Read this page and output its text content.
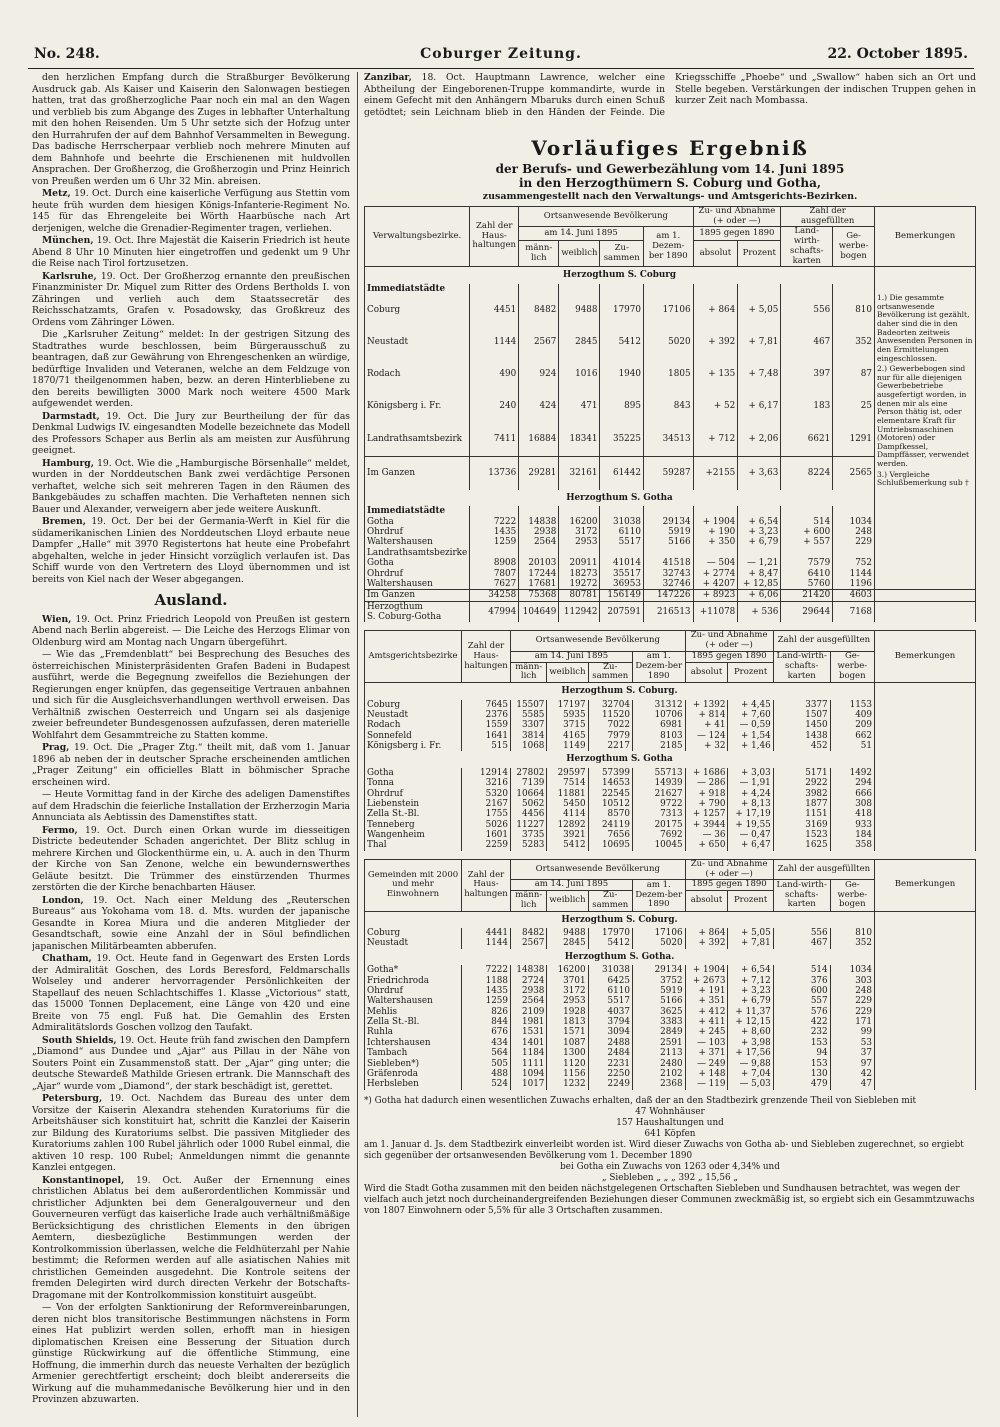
No. 248.	Coburger Zeitung.	22. October 1895.

den herzlichen Empfang durch die Straßburger Bevölkerung Ausdruck gab. Als Kaiser und Kaiserin den Salonwagen bestiegen hatten, trat das großherzogliche Paar noch ein mal an den Wagen und verblieb bis zum Abgange des Zuges in lebhafter Unterhaltung mit den hohen Reisenden. Um 5 Uhr setzte sich der Hofzug unter den Hurrahrufen der auf dem Bahnhof Versammelten in Bewegung. Das badische Herrscherpaar verblieb noch mehrere Minuten auf dem Bahnhofe und beehrte die Erschienenen mit huldvollen Ansprachen. Der Großherzog, die Großherzogin und Prinz Heinrich von Preußen werden um 6 Uhr 32 Min. abreisen.

Metz, 19. Oct. Durch eine kaiserliche Verfügung aus Stettin vom heute früh wurden dem hiesigen Königs-Infanterie-Regiment No. 145 für das Ehrengeleite bei Wörth Haarbüsche nach Art derjenigen, welche die Grenadier-Regimenter tragen, verliehen.

München, 19. Oct. Ihre Majestät die Kaiserin Friedrich ist heute Abend 8 Uhr 10 Minuten hier eingetroffen und gedenkt um 9 Uhr die Reise nach Tirol fortzusetzen.

Karlsruhe, 19. Oct. Der Großherzog ernannte den preußischen Finanzminister Dr. Miquel zum Ritter des Ordens Bertholds I. von Zähringen und verlieh auch dem Staatssecretär des Reichsschatzamts, Grafen v. Posadowsky, das Großkreuz des Ordens vom Zähringer Löwen.

Die „Karlsruher Zeitung“ meldet: In der gestrigen Sitzung des Stadtrathes wurde beschlossen, beim Bürgerausschuß zu beantragen, daß zur Gewährung von Ehrengeschenken an würdige, bedürftige Invaliden und Veteranen, welche an dem Feldzuge von 1870/71 theilgenommen haben, bezw. an deren Hinterbliebene zu den bereits bewilligten 3000 Mark noch weitere 4500 Mark aufgewendet werden.

Darmstadt, 19. Oct. Die Jury zur Beurtheilung der für das Denkmal Ludwigs IV. eingesandten Modelle bezeichnete das Modell des Professors Schaper aus Berlin als am meisten zur Ausführung geeignet.

Hamburg, 19. Oct. Wie die „Hamburgische Börsenhalle“ meldet, wurden in der Norddeutschen Bank zwei verdächtige Personen verhaftet, welche sich seit mehreren Tagen in den Räumen des Bankgebäudes zu schaffen machten. Die Verhafteten nennen sich Bauer und Alexander, verweigern aber jede weitere Auskunft.

Bremen, 19. Oct. Der bei der Germania-Werft in Kiel für die südamerikanischen Linien des Norddeutschen Lloyd erbaute neue Dampfer „Halle“ mit 3970 Registertons hat heute eine Probefahrt abgehalten, welche in jeder Hinsicht vorzüglich verlaufen ist. Das Schiff wurde von den Vertretern des Lloyd übernommen und ist bereits von Kiel nach der Weser abgegangen.

Ausland.

Wien, 19. Oct. Prinz Friedrich Leopold von Preußen ist gestern Abend nach Berlin abgereist. — Die Leiche des Herzogs Elimar von Oldenburg wird am Montag nach Ungarn übergeführt.

— Wie das „Fremdenblatt“ bei Besprechung des Besuches des österreichischen Ministerpräsidenten Grafen Badeni in Budapest ausführt, werde die Begegnung zweifellos die Beziehungen der Regierungen enger knüpfen, das gegenseitige Vertrauen anbahnen und sich für die Ausgleichsverhandlungen werthvoll erweisen. Das Verhältniß zwischen Oesterreich und Ungarn sei als dasjenige zweier befreundeter Bundesgenossen aufzufassen, deren materielle Wohlfahrt dem Gesammtreiche zu Statten komme.

Prag, 19. Oct. Die „Prager Ztg.“ theilt mit, daß vom 1. Januar 1896 ab neben der in deutscher Sprache erscheinenden amtlichen „Prager Zeitung“ ein officielles Blatt in böhmischer Sprache erscheinen wird.

— Heute Vormittag fand in der Kirche des adeligen Damenstiftes auf dem Hradschin die feierliche Installation der Erzherzogin Maria Annunciata als Aebtissin des Damenstiftes statt.

Fermo, 19. Oct. Durch einen Orkan wurde im diesseitigen Districte bedeutender Schaden angerichtet. Der Blitz schlug in mehrere Kirchen und Glockenthürme ein, u. A. auch in den Thurm der Kirche von San Zenone, welche ein bewundernswerthes Geläute besitzt. Die Trümmer des einstürzenden Thurmes zerstörten die der Kirche benachbarten Häuser.

London, 19. Oct. Nach einer Meldung des „Reuterschen Bureaus“ aus Yokohama vom 18. d. Mts. wurden der japanische Gesandte in Korea Miura und die anderen Mitglieder der Gesandtschaft, sowie eine Anzahl der in Söul befindlichen japanischen Militärbeamten abberufen.

Chatham, 19. Oct. Heute fand in Gegenwart des Ersten Lords der Admiralität Goschen, des Lords Beresford, Feldmarschalls Wolseley und anderer hervorragender Persönlichkeiten der Stapellauf des neuen Schlachtschiffes 1. Klasse „Victorious“ statt, das 15000 Tonnen Deplacement, eine Länge von 420 und eine Breite von 75 engl. Fuß hat. Die Gemahlin des Ersten Admiralitätslords Goschen vollzog den Taufakt.

South Shields, 19. Oct. Heute früh fand zwischen den Dampfern „Diamond“ aus Dundee und „Ajar“ aus Pillau in der Nähe von Souters Point ein Zusammenstoß statt. Der „Ajar“ ging unter; die deutsche Stewardeß Mathilde Griesen ertrank. Die Mannschaft des „Ajar“ wurde vom „Diamond“, der stark beschädigt ist, gerettet.

Petersburg, 19. Oct. Nachdem das Bureau des unter dem Vorsitze der Kaiserin Alexandra stehenden Kuratoriums für die Arbeitshäuser sich konstituirt hat, schritt die Kanzlei der Kaiserin zur Bildung des Kuratoriums selbst. Die passiven Mitglieder des Kuratoriums zahlen 100 Rubel jährlich oder 1000 Rubel einmal, die aktiven 10 resp. 100 Rubel; Anmeldungen nimmt die genannte Kanzlei entgegen.

Konstantinopel, 19. Oct. Außer der Ernennung eines christlichen Ablatus bei dem außerordentlichen Kommissär und christlicher Adjunkten bei dem Generalgouverneur und den Gouverneuren verfügt das kaiserliche Irade auch verhältnißmäßige Berücksichtigung des christlichen Elements in den übrigen Aemtern, diesbezügliche Bestimmungen werden der Kontrolkommission überlassen, welche die Feldhüterzahl per Nahie bestimmt; die Reformen werden auf alle asiatischen Nahies mit christlichen Gemeinden ausgedehnt. Die Kontrole seitens der fremden Delegirten wird durch directen Verkehr der Botschafts-Dragomane mit der Kontrolkommission konstituirt ausgeübt.

— Von der erfolgten Sanktionirung der Reformvereinbarungen, deren nicht blos transitorische Bestimmungen nächstens in Form eines Hat publizirt werden sollen, erhofft man in hiesigen diplomatischen Kreisen eine Besserung der Situation durch günstige Rückwirkung auf die öffentliche Stimmung, eine Hoffnung, die immerhin durch das neueste Verhalten der bezüglich Armenier gerechtfertigt erscheint; doch bleibt andererseits die Wirkung auf die muhammedanische Bevölkerung hier und in den Provinzen abzuwarten.

Zanzibar, 18. Oct. Hauptmann Lawrence, welcher eine Abtheilung der Eingeborenen-Truppe kommandirte, wurde in einem Gefecht mit den Anhängern Mbaruks durch einen Schuß getödtet; sein Leichnam blieb in den Händen der Feinde. Die Kriegsschiffe „Phoebe“ und „Swallow“ haben sich an Ort und Stelle begeben. Verstärkungen der indischen Truppen gehen in kurzer Zeit nach Mombassa.
Vorläufiges Ergebniß
der Berufs- und Gewerbezählung vom 14. Juni 1895
in den Herzogthümern S. Coburg und Gotha,
zusammengestellt nach den Verwaltungs- und Amtsgerichts-Bezirken.
Verwaltungsbezirke.	Zahl der Haus-haltungen	Ortsanwesende Bevölkerung				Zu- und Abnahme (+ oder —)		Zahl der ausgefüllten		Bemerkungen
		am 14. Juni 1895			am 1. Dezem-ber 1890	1895 gegen 1890		Land-wirth-schafts-karten	Ge-werbe-bogen	
		männ-lich	weiblich	Zu-sammen		absolut	Prozent			
Herzogthum S. Coburg										
Immediatstädte										
Coburg	4451	8482	9488	17970	17106	+ 864	+ 5,05	556	810	1.) Die gesammte ortsanwesende Bevölkerung ist gezählt, daher sind die in den Badeorten zeitweis Anwesenden Personen in den Ermittelungen eingeschlossen.
2.) Gewerbebogen sind nur für alle diejenigen Gewerbebetriebe ausgefertigt worden, in denen mir als eine Person thätig ist, oder elementare Kraft für Umtriebsmaschinen (Motoren) oder Dampfkessel, Dampffässer, verwendet werden.
3.) Vergleiche Schlußbemerkung sub †

Neustadt	1144	2567	2845	5412	5020	+ 392	+ 7,81	467	352	
Rodach	490	924	1016	1940	1805	+ 135	+ 7,48	397	87	
Königsberg i. Fr.	240	424	471	895	843	+ 52	+ 6,17	183	25	
Landrathsamtsbezirk	7411	16884	18341	35225	34513	+ 712	+ 2,06	6621	1291	
Im Ganzen	13736	29281	32161	61442	59287	+2155	+ 3,63	8224	2565	
Herzogthum S. Gotha										
Immediatstädte										
Gotha	7222	14838	16200	31038	29134	+ 1904	+ 6,54	514	1034	
Ohrdruf	1435	2938	3172	6110	5919	+ 190	+ 3,23	+ 600	248	
Waltershausen	1259	2564	2953	5517	5166	+ 350	+ 6,79	+ 557	229	
Landrathsamtsbezirke										
Gotha	8908	20103	20911	41014	41518	— 504	— 1,21	7579	752	
Ohrdruf	7807	17244	18273	35517	32743	+ 2774	+ 8,47	6410	1144	
Waltershausen	7627	17681	19272	36953	32746	+ 4207	+ 12,85	5760	1196	
Im Ganzen	34258	75368	80781	156149	147226	+ 8923	+ 6,06	21420	4603	

Herzogthum
S. Coburg-Gotha	47994	104649	112942	207591	216513	+11078	+ 536	29644	7168	
Amtsgerichtsbezirke	Zahl der Haus-haltungen	Ortsanwesende Bevölkerung				Zu- und Abnahme (+ oder —)		Zahl der ausgefüllten		Bemerkungen
		am 14. Juni 1895			am 1. Dezem-ber 1890	1895 gegen 1890		Land-wirth-schafts-karten	Ge-werbe-bogen	
		männ-lich	weiblich	Zu-sammen		absolut	Prozent			
Herzogthum S. Coburg.										
Coburg	7645	15507	17197	32704	31312	+ 1392	+ 4,45	3377	1153	
Neustadt	2376	5585	5935	11520	10706	+ 814	+ 7,60	1507	409	
Rodach	1559	3307	3715	7022	6981	+ 41	— 0,59	1450	209	
Sonnefeld	1641	3814	4165	7979	8103	— 124	+ 1,54	1438	662	
Königsberg i. Fr.	515	1068	1149	2217	2185	+ 32	+ 1,46	452	51	
Herzogthum S. Gotha										
Gotha	12914	27802	29597	57399	55713	+ 1686	+ 3,03	5171	1492	
Tonna	3216	7139	7514	14653	14939	— 286	— 1,91	2922	294	
Ohrdruf	5320	10664	11881	22545	21627	+ 918	+ 4,24	3982	666	
Liebenstein	2167	5062	5450	10512	9722	+ 790	+ 8,13	1877	308	
Zella St.-Bl.	1755	4456	4114	8570	7313	+ 1257	+ 17,19	1151	418	
Tenneberg	5026	11227	12892	24119	20175	+ 3944	+ 19,55	3169	933	
Wangenheim	1601	3735	3921	7656	7692	— 36	— 0,47	1523	184	
Thal	2259	5283	5412	10695	10045	+ 650	+ 6,47	1625	358	
Gemeinden mit 2000 und mehr Einwohnern	Zahl der Haus-haltungen	Ortsanwesende Bevölkerung				Zu- und Abnahme (+ oder —)		Zahl der ausgefüllten		Bemerkungen
		am 14. Juni 1895			am 1. Dezem-ber 1890	1895 gegen 1890		Land-wirth-schafts-karten	Ge-werbe-bogen	
		männ-lich	weiblich	Zu-sammen		absolut	Prozent			
Herzogthum S. Coburg.										
Coburg	4441	8482	9488	17970	17106	+ 864	+ 5,05	556	810	
Neustadt	1144	2567	2845	5412	5020	+ 392	+ 7,81	467	352	
Herzogthum S. Gotha.										
Gotha*	7222	14838	16200	31038	29134	+ 1904	+ 6,54	514	1034	
Friedrichroda	1188	2724	3701	6425	3752	+ 2673	+ 7,12	376	303	
Ohrdruf	1435	2938	3172	6110	5919	+ 191	+ 3,23	600	248	
Waltershausen	1259	2564	2953	5517	5166	+ 351	+ 6,79	557	229	
Mehlis	826	2109	1928	4037	3625	+ 412	+ 11,37	576	229	
Zella St.-Bl.	844	1981	1813	3794	3383	+ 411	+ 12,15	422	171	
Ruhla	676	1531	1571	3094	2849	+ 245	+ 8,60	232	99	
Ichtershausen	434	1401	1087	2488	2591	— 103	+ 3,98	153	53	
Tambach	564	1184	1300	2484	2113	+ 371	+ 17,56	94	37	
Siebleben*)	505	1111	1120	2231	2480	— 249	— 9,88	153	97	
Gräfenroda	488	1094	1156	2250	2102	+ 148	+ 7,04	130	42	
Herbsleben	524	1017	1232	2249	2368	— 119	— 5,03	479	47	

*) Gotha hat dadurch einen wesentlichen Zuwachs erhalten, daß der an den Stadtbezirk grenzende Theil von Siebleben mit

47 Wohnhäuser

157 Haushaltungen und

641 Köpfen

am 1. Januar d. Js. dem Stadtbezirk einverleibt worden ist. Wird dieser Zuwachs von Gotha ab- und Siebleben zugerechnet, so ergiebt sich gegenüber der ortsanwesenden Bevölkerung vom 1. December 1890

bei Gotha ein Zuwachs von 1263 oder 4,34% und

„ Siebleben „ „ „ 392 „ 15,56 „

Wird die Stadt Gotha zusammen mit den beiden nächstgelegenen Ortschaften Siebleben und Sundhausen betrachtet, was wegen der vielfach auch jetzt noch durcheinandergreifenden Beziehungen dieser Communen zweckmäßig ist, so ergiebt sich ein Gesammtzuwachs von 1807 Einwohnern oder 5,5% für alle 3 Ortschaften zusammen.
